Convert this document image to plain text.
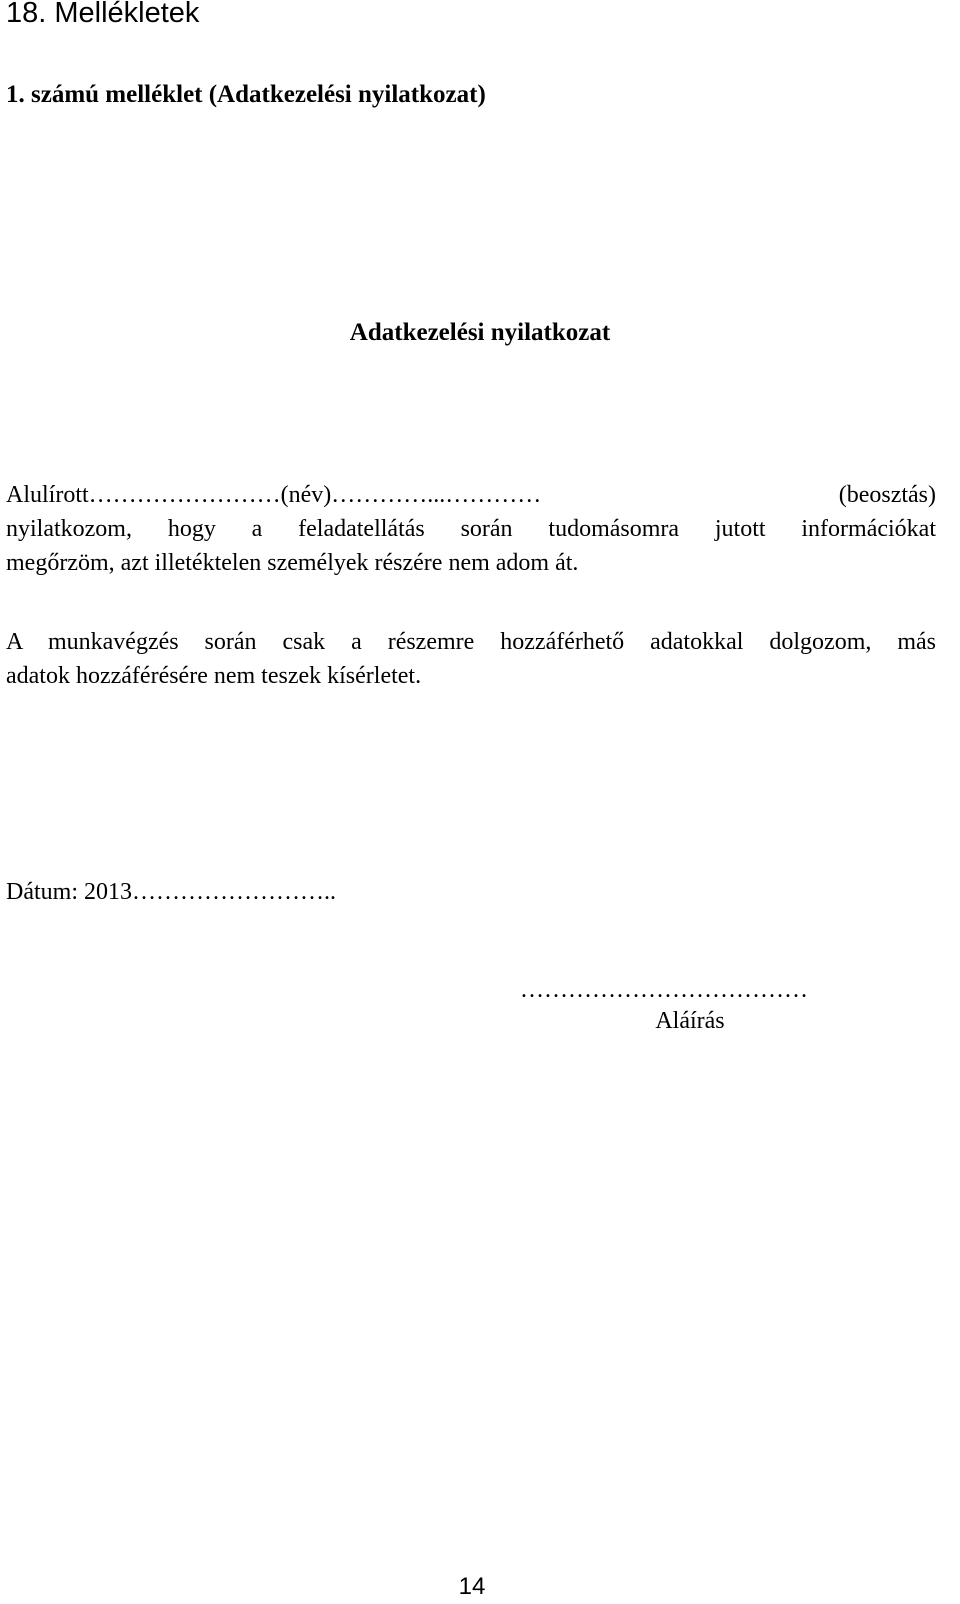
18. Mellékletek
1. számú melléklet (Adatkezelési nyilatkozat)
Adatkezelési nyilatkozat
Alulírott……………………(név)…………...………… (beosztás)
nyilatkozom, hogy a feladatellátás során tudomásomra jutott információkat
megőrzöm, azt illetéktelen személyek részére nem adom át.
A munkavégzés során csak a részemre hozzáférhető adatokkal dolgozom, más
adatok hozzáférésére nem teszek kísérletet.
Dátum: 2013……………………..
………………………………
Aláírás
14
